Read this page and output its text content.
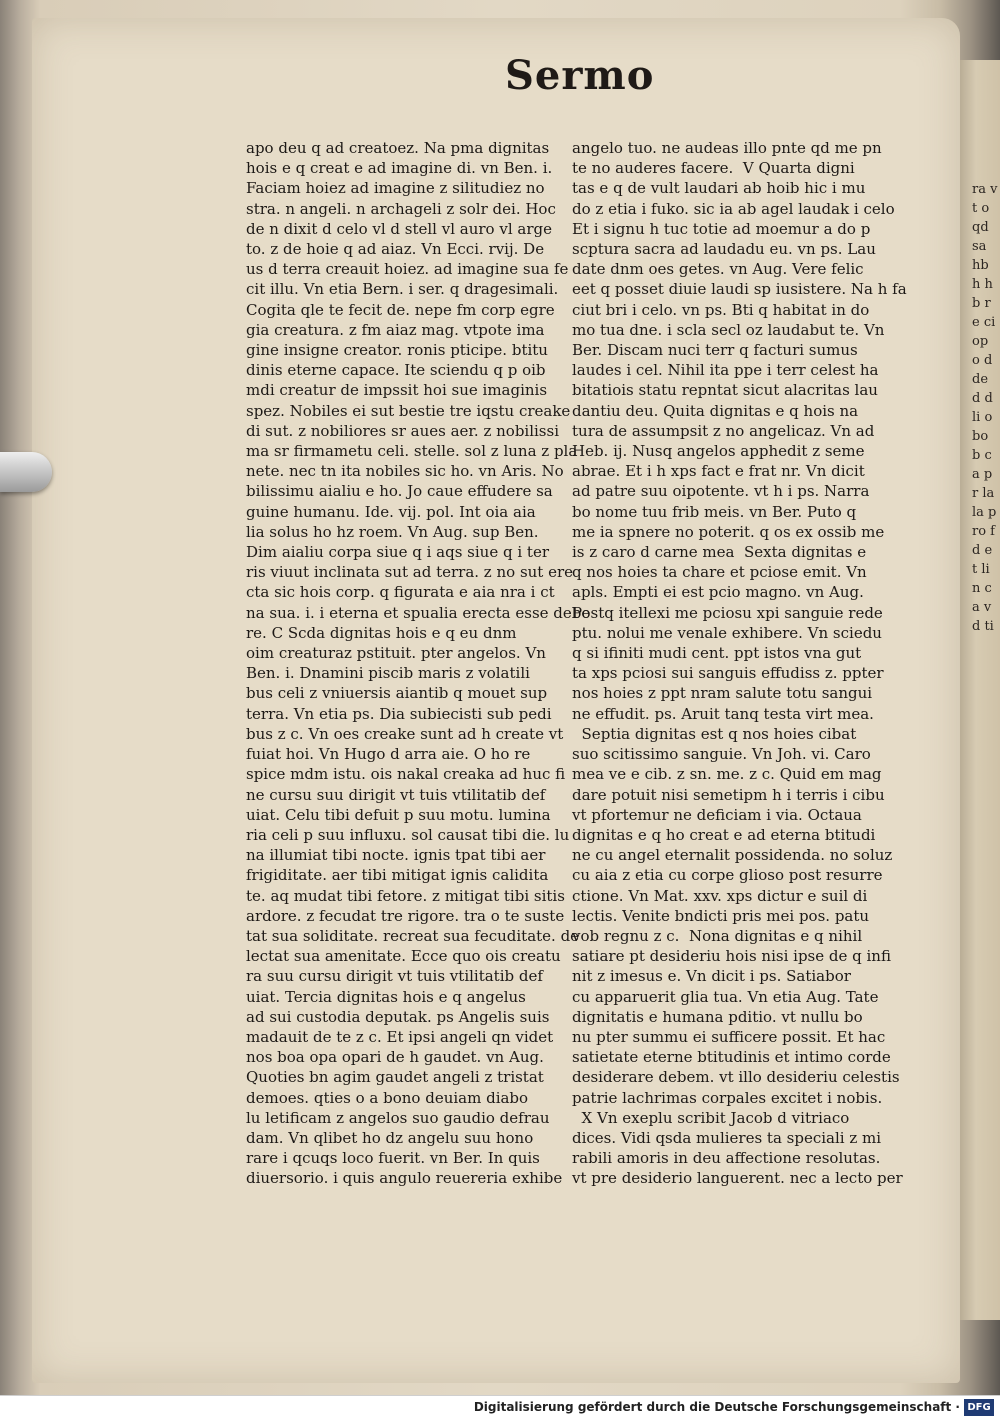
ra vt o qd sa hb h hb re ci op o d de d d li o bo b ca pr la la pro f d e t li n c a v d ti
Sermo
apo deu q ad creatoez. Na pma dignitas
hois e q creat e ad imagine di. vn Ben. i.
Faciam hoiez ad imagine z silitudiez no
stra. n angeli. n archageli z solr dei. Hoc
de n dixit d celo vl d stell vl auro vl arge
to. z de hoie q ad aiaz. Vn Ecci. rvij. De
us d terra creauit hoiez. ad imagine sua fe
cit illu. Vn etia Bern. i ser. q dragesimali.
Cogita qle te fecit de. nepe fm corp egre
gia creatura. z fm aiaz mag. vtpote ima
gine insigne creator. ronis pticipe. btitu
dinis eterne capace. Ite sciendu q p oib
mdi creatur de impssit hoi sue imaginis
spez. Nobiles ei sut bestie tre iqstu creake
di sut. z nobiliores sr aues aer. z nobilissi
ma sr firmametu celi. stelle. sol z luna z pla
nete. nec tn ita nobiles sic ho. vn Aris. No
bilissimu aialiu e ho. Jo caue effudere sa
guine humanu. Ide. vij. pol. Int oia aia
lia solus ho hz roem. Vn Aug. sup Ben.
Dim aialiu corpa siue q i aqs siue q i ter
ris viuut inclinata sut ad terra. z no sut ere
cta sic hois corp. q figurata e aia nra i ct
na sua. i. i eterna et spualia erecta esse debe
re. C Scda dignitas hois e q eu dnm
oim creaturaz pstituit. pter angelos. Vn
Ben. i. Dnamini piscib maris z volatili
bus celi z vniuersis aiantib q mouet sup
terra. Vn etia ps. Dia subiecisti sub pedi
bus z c. Vn oes creake sunt ad h create vt
fuiat hoi. Vn Hugo d arra aie. O ho re
spice mdm istu. ois nakal creaka ad huc fi
ne cursu suu dirigit vt tuis vtilitatib def
uiat. Celu tibi defuit p suu motu. lumina
ria celi p suu influxu. sol causat tibi die. lu
na illumiat tibi nocte. ignis tpat tibi aer
frigiditate. aer tibi mitigat ignis calidita
te. aq mudat tibi fetore. z mitigat tibi sitis
ardore. z fecudat tre rigore. tra o te suste
tat sua soliditate. recreat sua fecuditate. de
lectat sua amenitate. Ecce quo ois creatu
ra suu cursu dirigit vt tuis vtilitatib def
uiat. Tercia dignitas hois e q angelus
ad sui custodia deputak. ps Angelis suis
madauit de te z c. Et ipsi angeli qn videt
nos boa opa opari de h gaudet. vn Aug.
Quoties bn agim gaudet angeli z tristat
demoes. qties o a bono deuiam diabo
lu letificam z angelos suo gaudio defrau
dam. Vn qlibet ho dz angelu suu hono
rare i qcuqs loco fuerit. vn Ber. In quis
diuersorio. i quis angulo reuereria exhibe
angelo tuo. ne audeas illo pnte qd me pn
te no auderes facere.  V Quarta digni
tas e q de vult laudari ab hoib hic i mu
do z etia i fuko. sic ia ab agel laudak i celo
Et i signu h tuc totie ad moemur a do p
scptura sacra ad laudadu eu. vn ps. Lau
date dnm oes getes. vn Aug. Vere felic
eet q posset diuie laudi sp iusistere. Na h fa
ciut bri i celo. vn ps. Bti q habitat in do
mo tua dne. i scla secl oz laudabut te. Vn
Ber. Discam nuci terr q facturi sumus
laudes i cel. Nihil ita ppe i terr celest ha
bitatiois statu repntat sicut alacritas lau
dantiu deu. Quita dignitas e q hois na
tura de assumpsit z no angelicaz. Vn ad
Heb. ij. Nusq angelos apphedit z seme
abrae. Et i h xps fact e frat nr. Vn dicit
ad patre suu oipotente. vt h i ps. Narra
bo nome tuu frib meis. vn Ber. Puto q
me ia spnere no poterit. q os ex ossib me
is z caro d carne mea  Sexta dignitas e
q nos hoies ta chare et pciose emit. Vn
apls. Empti ei est pcio magno. vn Aug.
Postq itellexi me pciosu xpi sanguie rede
ptu. nolui me venale exhibere. Vn sciedu
q si ifiniti mudi cent. ppt istos vna gut
ta xps pciosi sui sanguis effudiss z. ppter
nos hoies z ppt nram salute totu sangui
ne effudit. ps. Aruit tanq testa virt mea.
Septia dignitas est q nos hoies cibat
suo scitissimo sanguie. Vn Joh. vi. Caro
mea ve e cib. z sn. me. z c. Quid em mag
dare potuit nisi semetipm h i terris i cibu
vt pfortemur ne deficiam i via. Octaua
dignitas e q ho creat e ad eterna btitudi
ne cu angel eternalit possidenda. no soluz
cu aia z etia cu corpe glioso post resurre
ctione. Vn Mat. xxv. xps dictur e suil di
lectis. Venite bndicti pris mei pos. patu
vob regnu z c.  Nona dignitas e q nihil
satiare pt desideriu hois nisi ipse de q infi
nit z imesus e. Vn dicit i ps. Satiabor
cu apparuerit glia tua. Vn etia Aug. Tate
dignitatis e humana pditio. vt nullu bo
nu pter summu ei sufficere possit. Et hac
satietate eterne btitudinis et intimo corde
desiderare debem. vt illo desideriu celestis
patrie lachrimas corpales excitet i nobis.
X Vn exeplu scribit Jacob d vitriaco
dices. Vidi qsda mulieres ta speciali z mi
rabili amoris in deu affectione resolutas.
vt pre desiderio languerent. nec a lecto per
Digitalisierung gefördert durch die Deutsche Forschungsgemeinschaft · DFG
